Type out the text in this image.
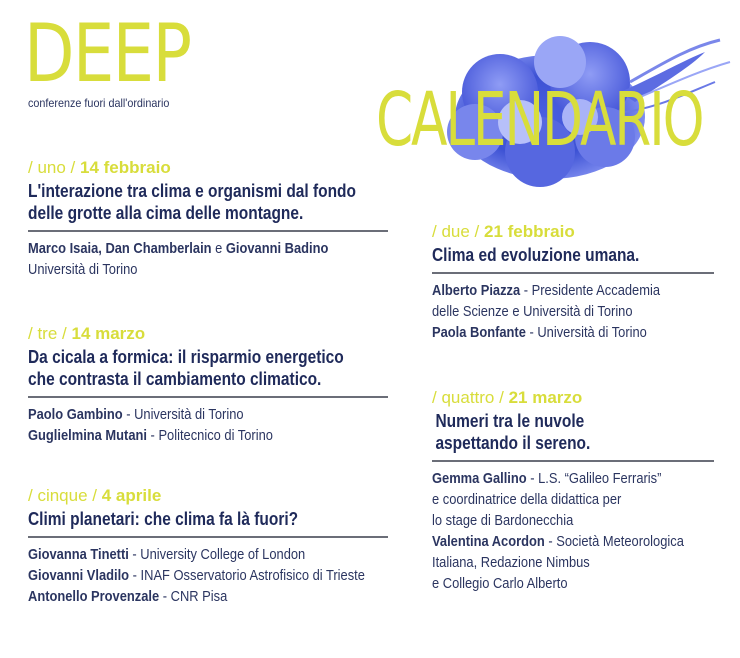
DEEP
conferenze fuori dall'ordinario	CALENDARIO
/ uno / 14 febbraio
L'interazione tra clima e organismi dal fondo
delle grotte alla cima delle montagne.
Marco Isaia, Dan Chamberlain e Giovanni Badino
Università di Torino
/ due / 21 febbraio
Clima ed evoluzione umana.
Alberto Piazza - Presidente Accademia
delle Scienze e Università di Torino
Paola Bonfante - Università di Torino
/ tre / 14 marzo
Da cicala a formica: il risparmio energetico
che contrasta il cambiamento climatico.
Paolo Gambino - Università di Torino
Guglielmina Mutani - Politecnico di Torino
/ quattro / 21 marzo
Numeri tra le nuvole
aspettando il sereno.
Gemma Gallino - L.S. “Galileo Ferraris”
e coordinatrice della didattica per
lo stage di Bardonecchia
Valentina Acordon - Società Meteorologica
Italiana, Redazione Nimbus
e Collegio Carlo Alberto
/ cinque / 4 aprile
Climi planetari: che clima fa là fuori?
Giovanna Tinetti - University College of London
Giovanni Vladilo - INAF Osservatorio Astrofisico di Trieste
Antonello Provenzale - CNR Pisa
